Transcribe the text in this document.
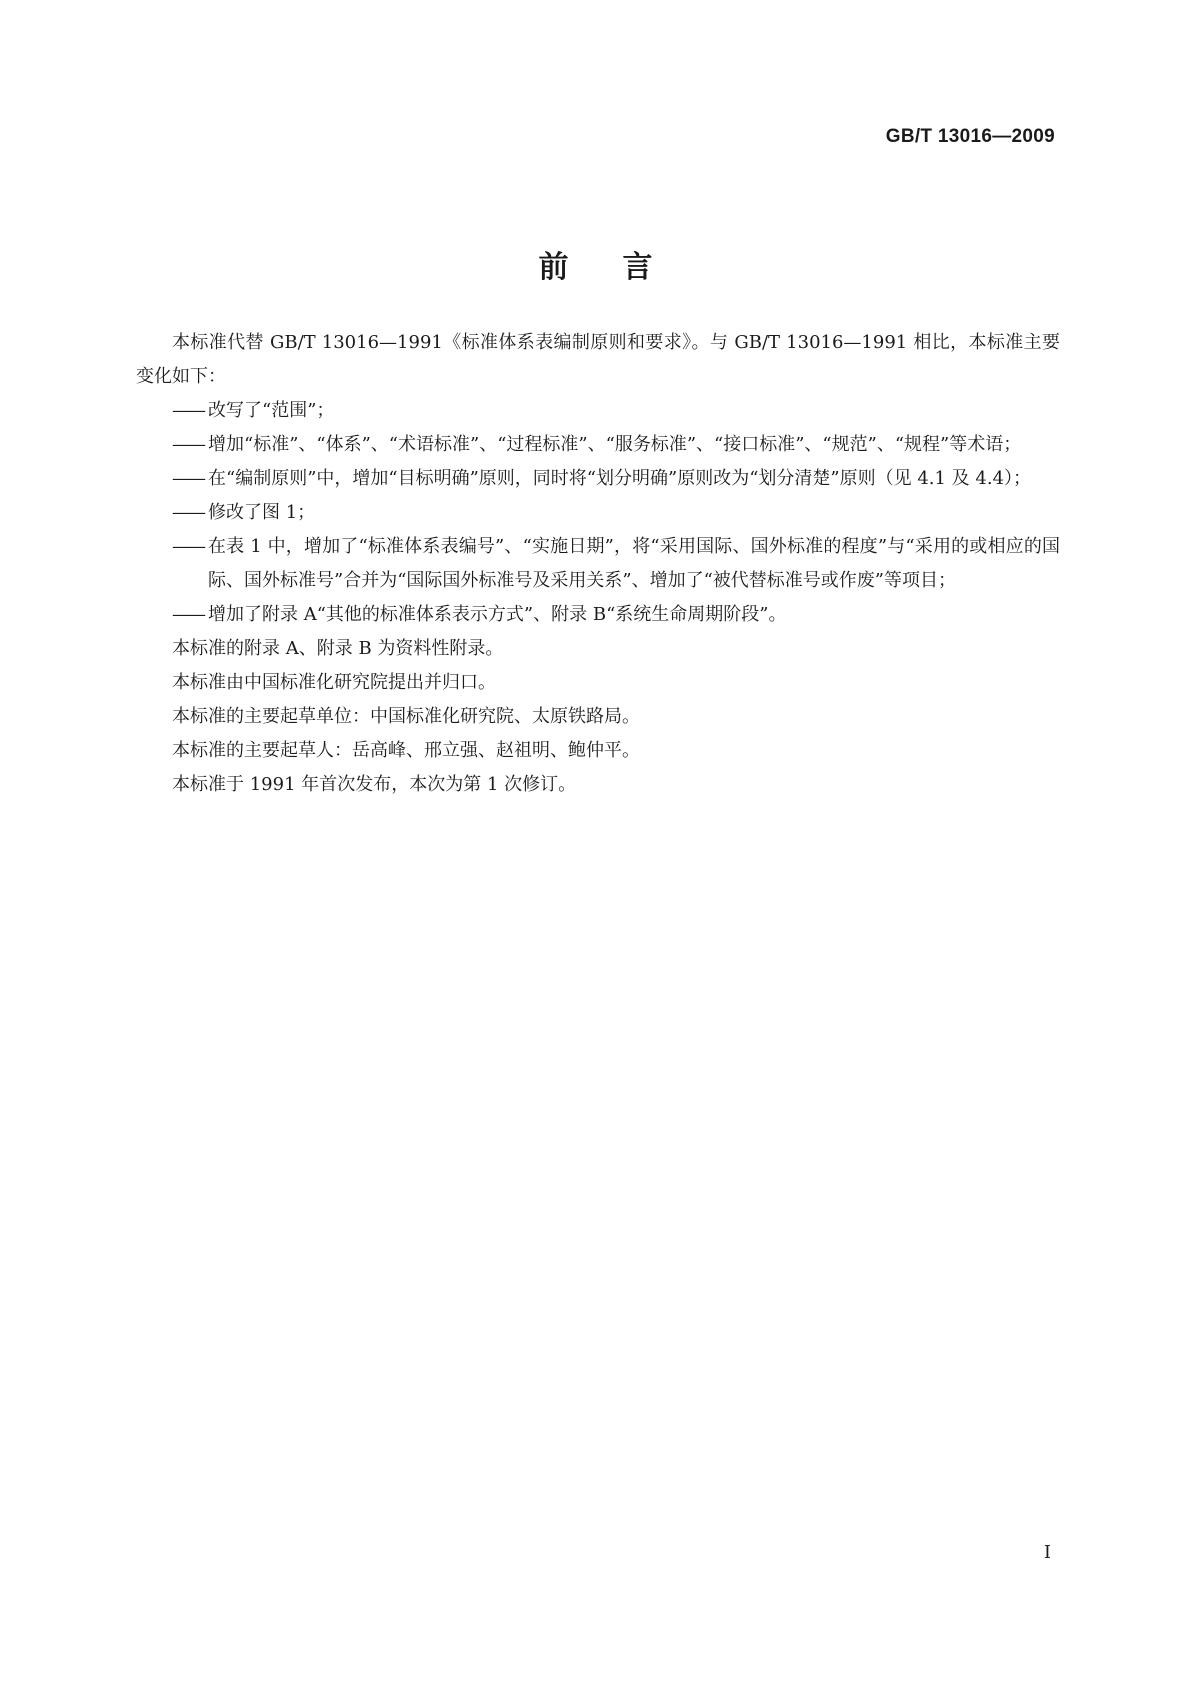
GB/T 13016—2009
前言

本标准代替 GB/T 13016—1991《标准体系表编制原则和要求》。与 GB/T 13016—1991 相比，本标准主要变化如下：

—— 改写了“范围”；
—— 增加“标准”、“体系”、“术语标准”、“过程标准”、“服务标准”、“接口标准”、“规范”、“规程”等术语；
—— 在“编制原则”中，增加“目标明确”原则，同时将“划分明确”原则改为“划分清楚”原则（见 4.1 及 4.4）；
—— 修改了图 1；
—— 在表 1 中，增加了“标准体系表编号”、“实施日期”，将“采用国际、国外标准的程度”与“采用的或相应的国际、国外标准号”合并为“国际国外标准号及采用关系”、增加了“被代替标准号或作废”等项目；
—— 增加了附录 A“其他的标准体系表示方式”、附录 B“系统生命周期阶段”。

本标准的附录 A、附录 B 为资料性附录。

本标准由中国标准化研究院提出并归口。

本标准的主要起草单位：中国标准化研究院、太原铁路局。

本标准的主要起草人：岳高峰、邢立强、赵祖明、鲍仲平。

本标准于 1991 年首次发布，本次为第 1 次修订。

I
